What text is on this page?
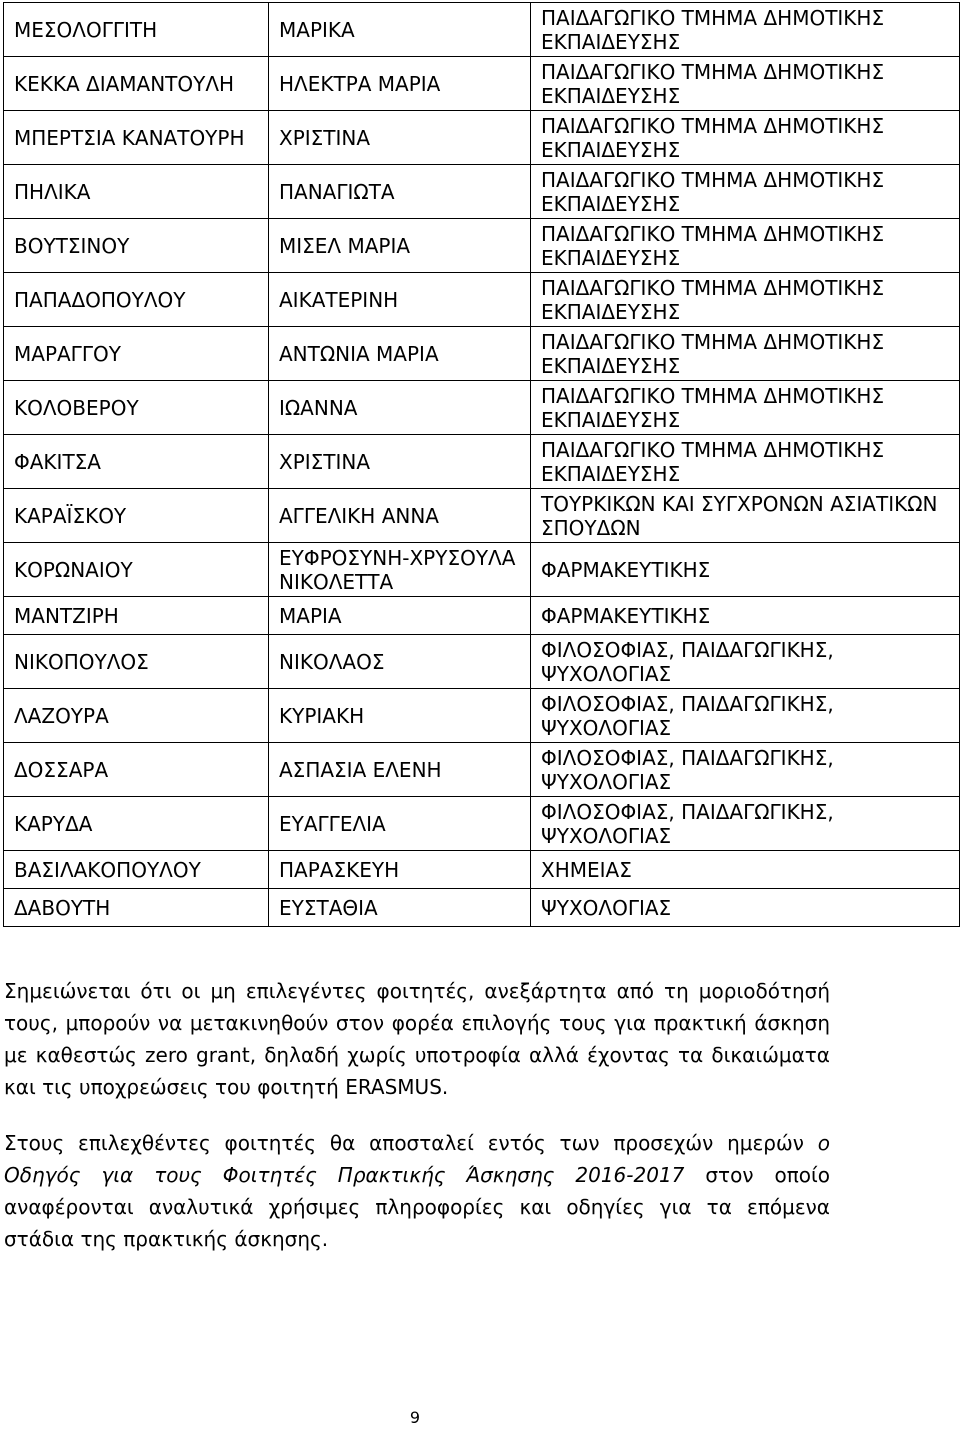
ΜΕΣΟΛΟΓΓΙΤΗ	ΜΑΡΙΚΑ	ΠΑΙΔΑΓΩΓΙΚΟ ΤΜΗΜΑ ΔΗΜΟΤΙΚΗΣ ΕΚΠΑΙΔΕΥΣΗΣ
ΚΕΚΚΑ ΔΙΑΜΑΝΤΟΥΛΗ	ΗΛΕΚΤΡΑ ΜΑΡΙΑ	ΠΑΙΔΑΓΩΓΙΚΟ ΤΜΗΜΑ ΔΗΜΟΤΙΚΗΣ ΕΚΠΑΙΔΕΥΣΗΣ
ΜΠΕΡΤΣΙΑ ΚΑΝΑΤΟΥΡΗ	ΧΡΙΣΤΙΝΑ	ΠΑΙΔΑΓΩΓΙΚΟ ΤΜΗΜΑ ΔΗΜΟΤΙΚΗΣ ΕΚΠΑΙΔΕΥΣΗΣ
ΠΗΛΙΚΑ	ΠΑΝΑΓΙΩΤΑ	ΠΑΙΔΑΓΩΓΙΚΟ ΤΜΗΜΑ ΔΗΜΟΤΙΚΗΣ ΕΚΠΑΙΔΕΥΣΗΣ
ΒΟΥΤΣΙΝΟΥ	ΜΙΣΕΛ ΜΑΡΙΑ	ΠΑΙΔΑΓΩΓΙΚΟ ΤΜΗΜΑ ΔΗΜΟΤΙΚΗΣ ΕΚΠΑΙΔΕΥΣΗΣ
ΠΑΠΑΔΟΠΟΥΛΟΥ	ΑΙΚΑΤΕΡΙΝΗ	ΠΑΙΔΑΓΩΓΙΚΟ ΤΜΗΜΑ ΔΗΜΟΤΙΚΗΣ ΕΚΠΑΙΔΕΥΣΗΣ
ΜΑΡΑΓΓΟΥ	ΑΝΤΩΝΙΑ ΜΑΡΙΑ	ΠΑΙΔΑΓΩΓΙΚΟ ΤΜΗΜΑ ΔΗΜΟΤΙΚΗΣ ΕΚΠΑΙΔΕΥΣΗΣ
ΚΟΛΟΒΕΡΟΥ	ΙΩΑΝΝΑ	ΠΑΙΔΑΓΩΓΙΚΟ ΤΜΗΜΑ ΔΗΜΟΤΙΚΗΣ ΕΚΠΑΙΔΕΥΣΗΣ
ΦΑΚΙΤΣΑ	ΧΡΙΣΤΙΝΑ	ΠΑΙΔΑΓΩΓΙΚΟ ΤΜΗΜΑ ΔΗΜΟΤΙΚΗΣ ΕΚΠΑΙΔΕΥΣΗΣ
ΚΑΡΑΪΣΚΟΥ	ΑΓΓΕΛΙΚΗ ΑΝΝΑ	ΤΟΥΡΚΙΚΩΝ ΚΑΙ ΣΥΓΧΡΟΝΩΝ ΑΣΙΑΤΙΚΩΝ ΣΠΟΥΔΩΝ
ΚΟΡΩΝΑΙΟΥ	ΕΥΦΡΟΣΥΝΗ-ΧΡΥΣΟΥΛΑ ΝΙΚΟΛΕΤΤΑ	ΦΑΡΜΑΚΕΥΤΙΚΗΣ
ΜΑΝΤΖΙΡΗ	ΜΑΡΙΑ	ΦΑΡΜΑΚΕΥΤΙΚΗΣ
ΝΙΚΟΠΟΥΛΟΣ	ΝΙΚΟΛΑΟΣ	ΦΙΛΟΣΟΦΙΑΣ, ΠΑΙΔΑΓΩΓΙΚΗΣ, ΨΥΧΟΛΟΓΙΑΣ
ΛΑΖΟΥΡΑ	ΚΥΡΙΑΚΗ	ΦΙΛΟΣΟΦΙΑΣ, ΠΑΙΔΑΓΩΓΙΚΗΣ, ΨΥΧΟΛΟΓΙΑΣ
ΔΟΣΣΑΡΑ	ΑΣΠΑΣΙΑ ΕΛΕΝΗ	ΦΙΛΟΣΟΦΙΑΣ, ΠΑΙΔΑΓΩΓΙΚΗΣ, ΨΥΧΟΛΟΓΙΑΣ
ΚΑΡΥΔΑ	ΕΥΑΓΓΕΛΙΑ	ΦΙΛΟΣΟΦΙΑΣ, ΠΑΙΔΑΓΩΓΙΚΗΣ, ΨΥΧΟΛΟΓΙΑΣ
ΒΑΣΙΛΑΚΟΠΟΥΛΟΥ	ΠΑΡΑΣΚΕΥΗ	ΧΗΜΕΙΑΣ
ΔΑΒΟΥΤΗ	ΕΥΣΤΑΘΙΑ	ΨΥΧΟΛΟΓΙΑΣ

Σημειώνεται ότι οι μη επιλεγέντες φοιτητές, ανεξάρτητα από τη μοριοδότησή τους, μπορούν να μετακινηθούν στον φορέα επιλογής τους για πρακτική άσκηση με καθεστώς zero grant, δηλαδή χωρίς υποτροφία αλλά έχοντας τα δικαιώματα και τις υποχρεώσεις του φοιτητή ERASMUS.

Στους επιλεχθέντες φοιτητές θα αποσταλεί εντός των προσεχών ημερών ο Οδηγός για τους Φοιτητές Πρακτικής Άσκησης 2016-2017 στον οποίο αναφέρονται αναλυτικά χρήσιμες πληροφορίες και οδηγίες για τα επόμενα στάδια της πρακτικής άσκησης.

9
